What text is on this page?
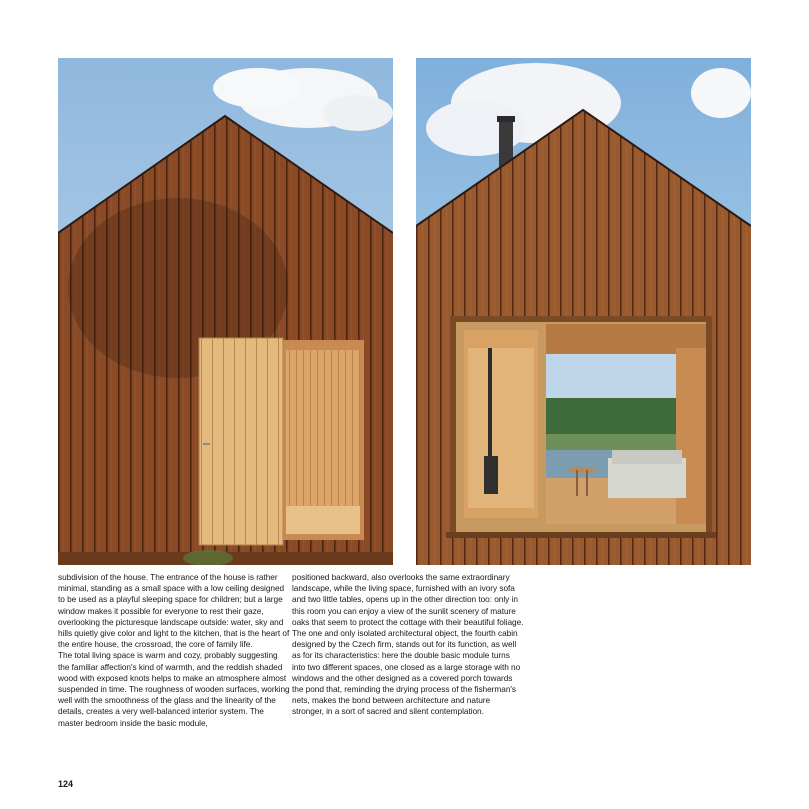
subdivision of the house. The entrance of the house is rather minimal, standing as a small space with a low ceiling designed to be used as a playful sleeping space for children; but a large window makes it possible for everyone to rest their gaze, overlooking the picturesque landscape outside: water, sky and hills quietly give color and light to the kitchen, that is the heart of the entire house, the crossroad, the core of family life.

The total living space is warm and cozy, probably suggesting the familiar affection's kind of warmth, and the reddish shaded wood with exposed knots helps to make an atmosphere almost suspended in time. The roughness of wooden surfaces, working well with the smoothness of the glass and the linearity of the details, creates a very well-balanced interior system. The master bedroom inside the basic module,

positioned backward, also overlooks the same extraordinary landscape, while the living space, furnished with an ivory sofa and two little tables, opens up in the other direction too: only in this room you can enjoy a view of the sunlit scenery of mature oaks that seem to protect the cottage with their beautiful foliage.

The one and only isolated architectural object, the fourth cabin designed by the Czech firm, stands out for its function, as well as for its characteristics: here the double basic module turns into two different spaces, one closed as a large storage with no windows and the other designed as a covered porch towards the pond that, reminding the drying process of the fisherman's nets, makes the bond between architecture and nature stronger, in a sort of sacred and silent contemplation.

124
